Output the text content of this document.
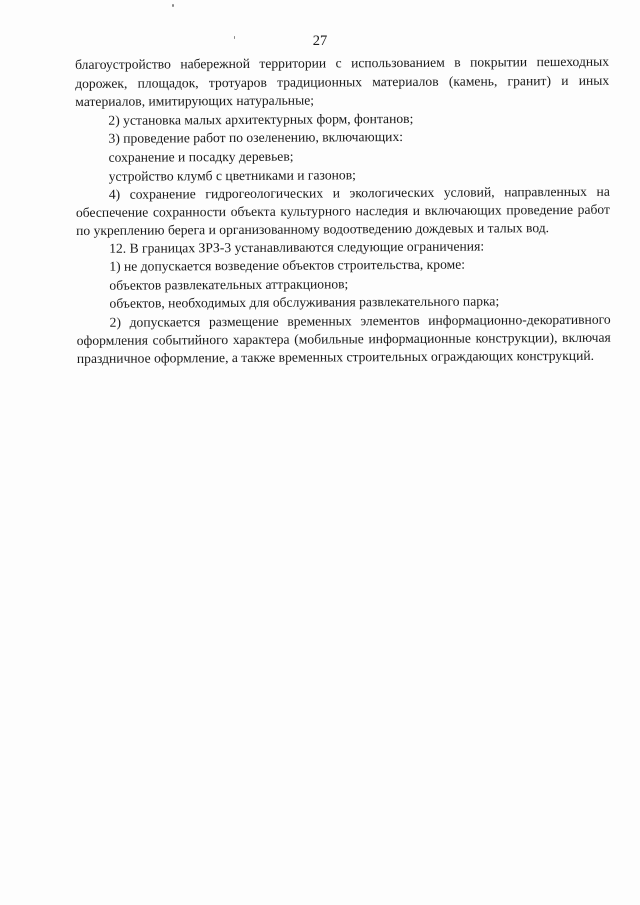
27

благоустройство набережной территории с использованием в покрытии пешеходных дорожек, площадок, тротуаров традиционных материалов (камень, гранит) и иных материалов, имитирующих натуральные;

2) установка малых архитектурных форм, фонтанов;

3) проведение работ по озеленению, включающих:

сохранение и посадку деревьев;

устройство клумб с цветниками и газонов;

4) сохранение гидрогеологических и экологических условий, направленных на обеспечение сохранности объекта культурного наследия и включающих проведение работ по укреплению берега и организованному водоотведению дождевых и талых вод.

12. В границах ЗРЗ-3 устанавливаются следующие ограничения:

1) не допускается возведение объектов строительства, кроме:

объектов развлекательных аттракционов;

объектов, необходимых для обслуживания развлекательного парка;

2) допускается размещение временных элементов информационно-декоративного оформления событийного характера (мобильные информационные конструкции), включая праздничное оформление, а также временных строительных ограждающих конструкций.
